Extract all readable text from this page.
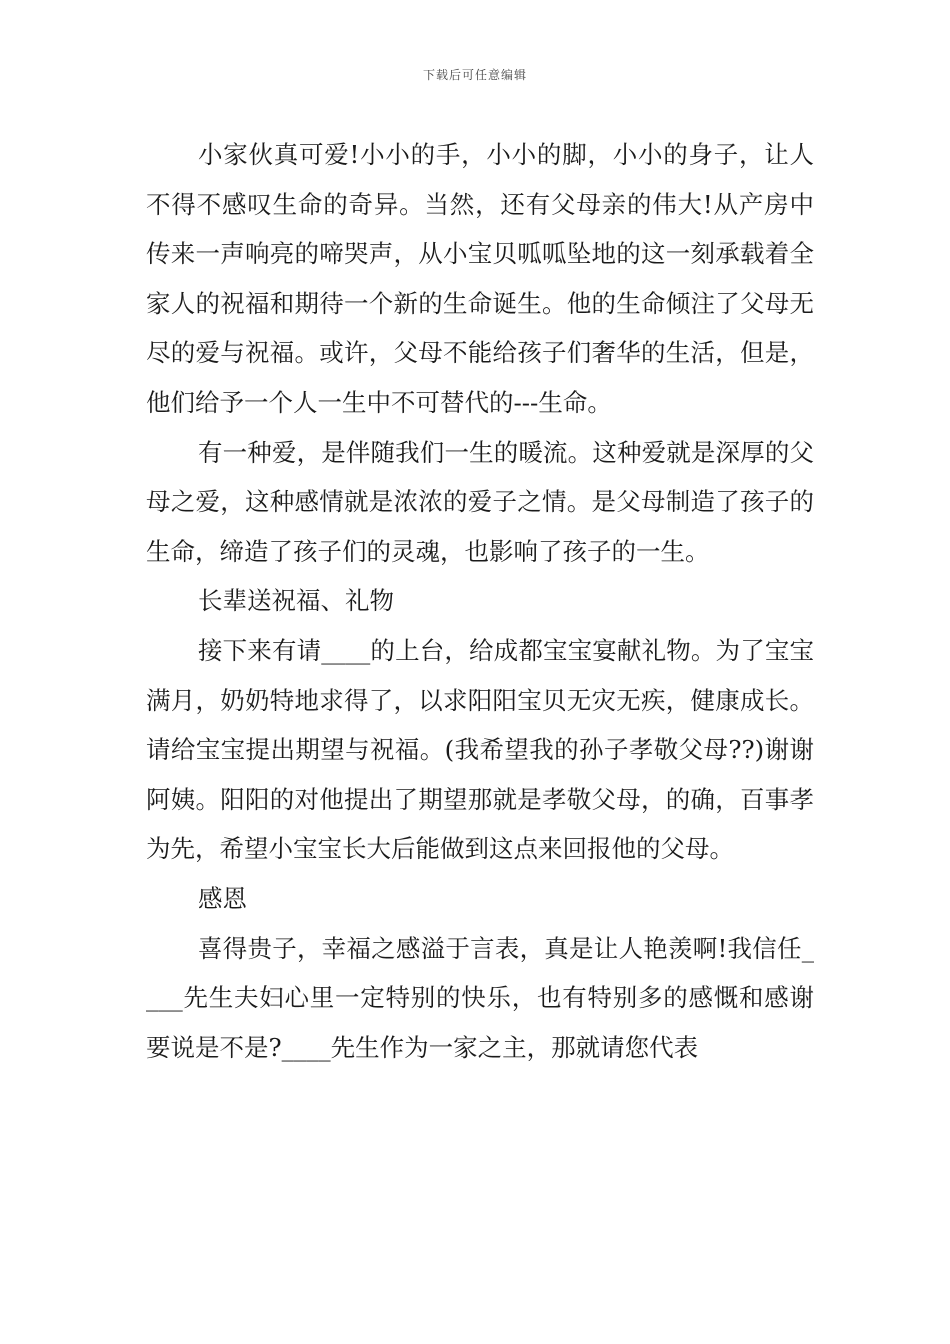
下载后可任意编辑

小家伙真可爱!小小的手，小小的脚，小小的身子，让人不得不感叹生命的奇异。当然，还有父母亲的伟大!从产房中传来一声响亮的啼哭声，从小宝贝呱呱坠地的这一刻承载着全家人的祝福和期待一个新的生命诞生。他的生命倾注了父母无尽的爱与祝福。或许，父母不能给孩子们奢华的生活，但是，他们给予一个人一生中不可替代的---生命。

有一种爱，是伴随我们一生的暖流。这种爱就是深厚的父母之爱，这种感情就是浓浓的爱子之情。是父母制造了孩子的生命，缔造了孩子们的灵魂，也影响了孩子的一生。

长辈送祝福、礼物

接下来有请____的上台，给成都宝宝宴献礼物。为了宝宝满月，奶奶特地求得了，以求阳阳宝贝无灾无疾，健康成长。请给宝宝提出期望与祝福。(我希望我的孙子孝敬父母??)谢谢阿姨。阳阳的对他提出了期望那就是孝敬父母，的确，百事孝为先，希望小宝宝长大后能做到这点来回报他的父母。

感恩

喜得贵子，幸福之感溢于言表，真是让人艳羡啊!我信任____先生夫妇心里一定特别的快乐，也有特别多的感慨和感谢要说是不是?____先生作为一家之主，那就请您代表
